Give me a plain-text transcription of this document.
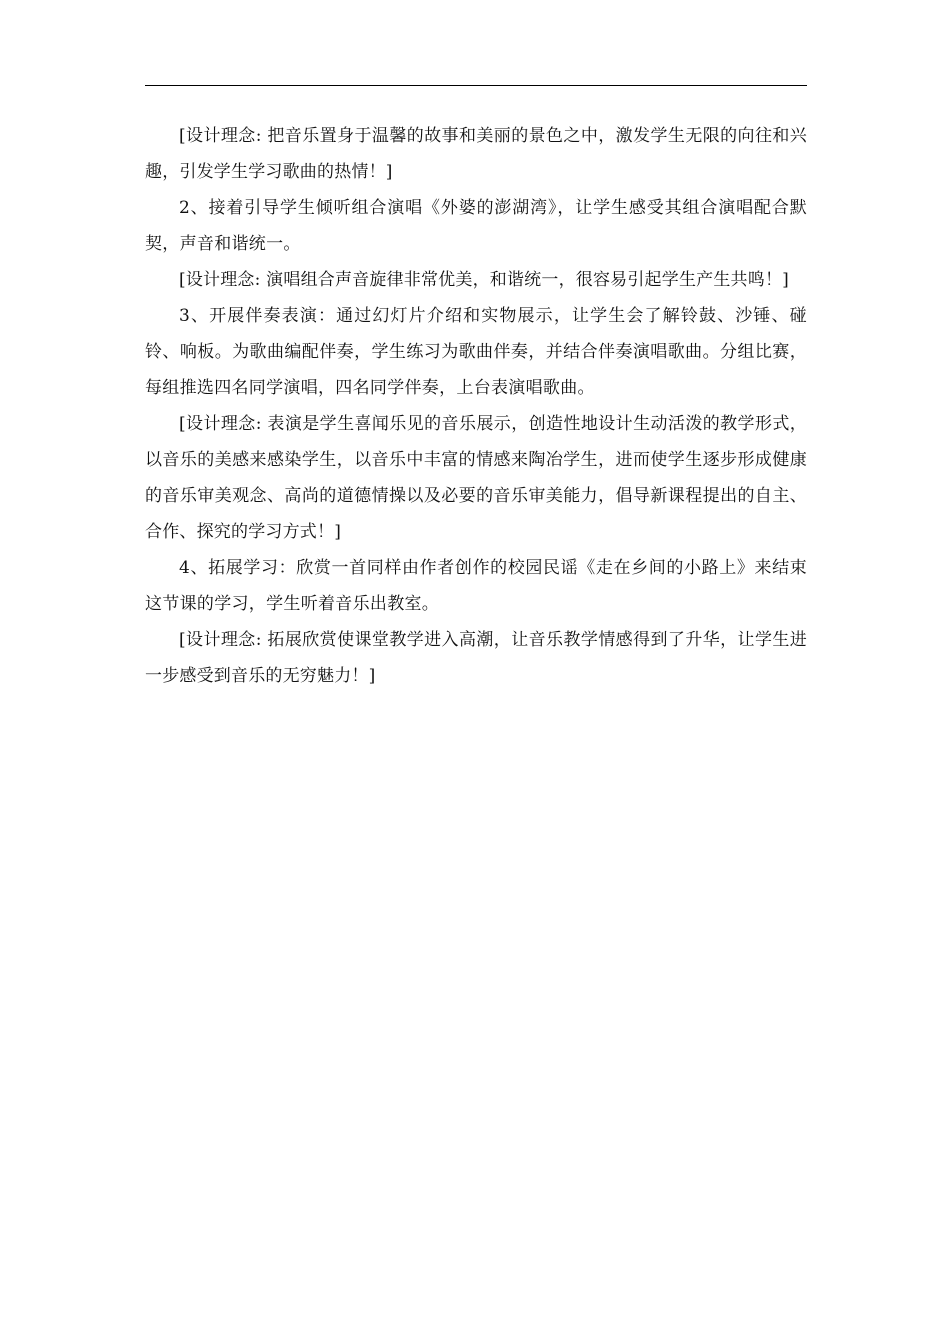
[设计理念: 把音乐置身于温馨的故事和美丽的景色之中，激发学生无限的向往和兴趣，引发学生学习歌曲的热情！]

2、接着引导学生倾听组合演唱《外婆的澎湖湾》，让学生感受其组合演唱配合默契，声音和谐统一。

[设计理念: 演唱组合声音旋律非常优美，和谐统一，很容易引起学生产生共鸣！]

3、开展伴奏表演：通过幻灯片介绍和实物展示，让学生会了解铃鼓、沙锤、碰铃、响板。为歌曲编配伴奏，学生练习为歌曲伴奏，并结合伴奏演唱歌曲。分组比赛，每组推选四名同学演唱，四名同学伴奏，上台表演唱歌曲。

[设计理念: 表演是学生喜闻乐见的音乐展示，创造性地设计生动活泼的教学形式，以音乐的美感来感染学生，以音乐中丰富的情感来陶冶学生，进而使学生逐步形成健康的音乐审美观念、高尚的道德情操以及必要的音乐审美能力，倡导新课程提出的自主、合作、探究的学习方式！]

4、拓展学习：欣赏一首同样由作者创作的校园民谣《走在乡间的小路上》来结束这节课的学习，学生听着音乐出教室。

[设计理念: 拓展欣赏使课堂教学进入高潮，让音乐教学情感得到了升华，让学生进一步感受到音乐的无穷魅力！]
